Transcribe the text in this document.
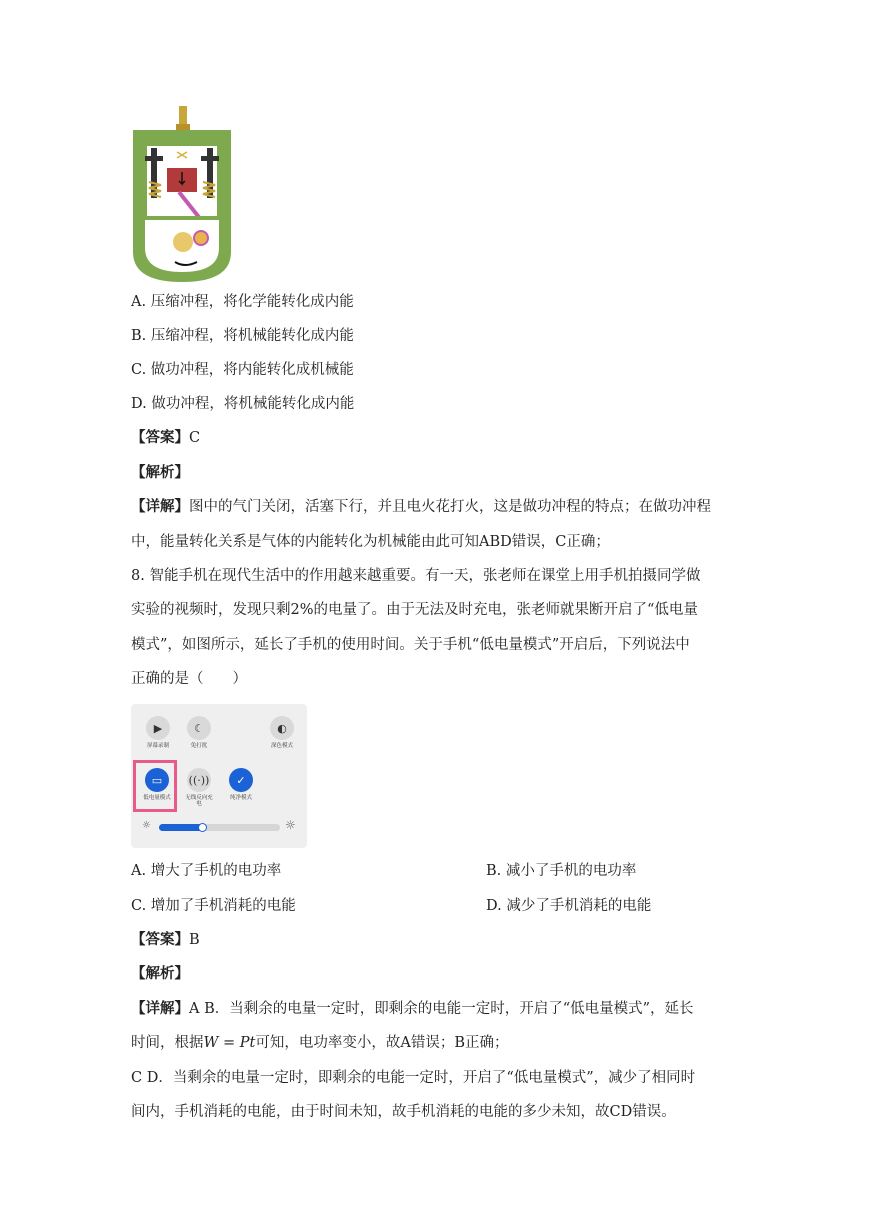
A. 压缩冲程，将化学能转化成内能
B. 压缩冲程，将机械能转化成内能
C. 做功冲程，将内能转化成机械能
D. 做功冲程，将机械能转化成内能
【答案】C
【解析】
【详解】图中的气门关闭，活塞下行，并且电火花打火，这是做功冲程的特点；在做功冲程
中，能量转化关系是气体的内能转化为机械能由此可知ABD错误，C正确；
8. 智能手机在现代生活中的作用越来越重要。有一天，张老师在课堂上用手机拍摄同学做
实验的视频时，发现只剩2%的电量了。由于无法及时充电，张老师就果断开启了“低电量
模式”，如图所示，延长了手机的使用时间。关于手机“低电量模式”开启后，下列说法中
正确的是（　　）
▶
屏幕录制
☾
免打扰
◐
深色模式
▭
低电量模式
((·))
无线反向充电
✓
纯净模式
☼	☼
A. 增大了手机的电功率	B. 减小了手机的电功率
C. 增加了手机消耗的电能	D. 减少了手机消耗的电能
【答案】B
【解析】
【详解】A B．当剩余的电量一定时，即剩余的电能一定时，开启了“低电量模式”，延长
时间，根据W = Pt可知，电功率变小，故A错误；B正确；
C D．当剩余的电量一定时，即剩余的电能一定时，开启了“低电量模式”，减少了相同时
间内，手机消耗的电能，由于时间未知，故手机消耗的电能的多少未知，故CD错误。
